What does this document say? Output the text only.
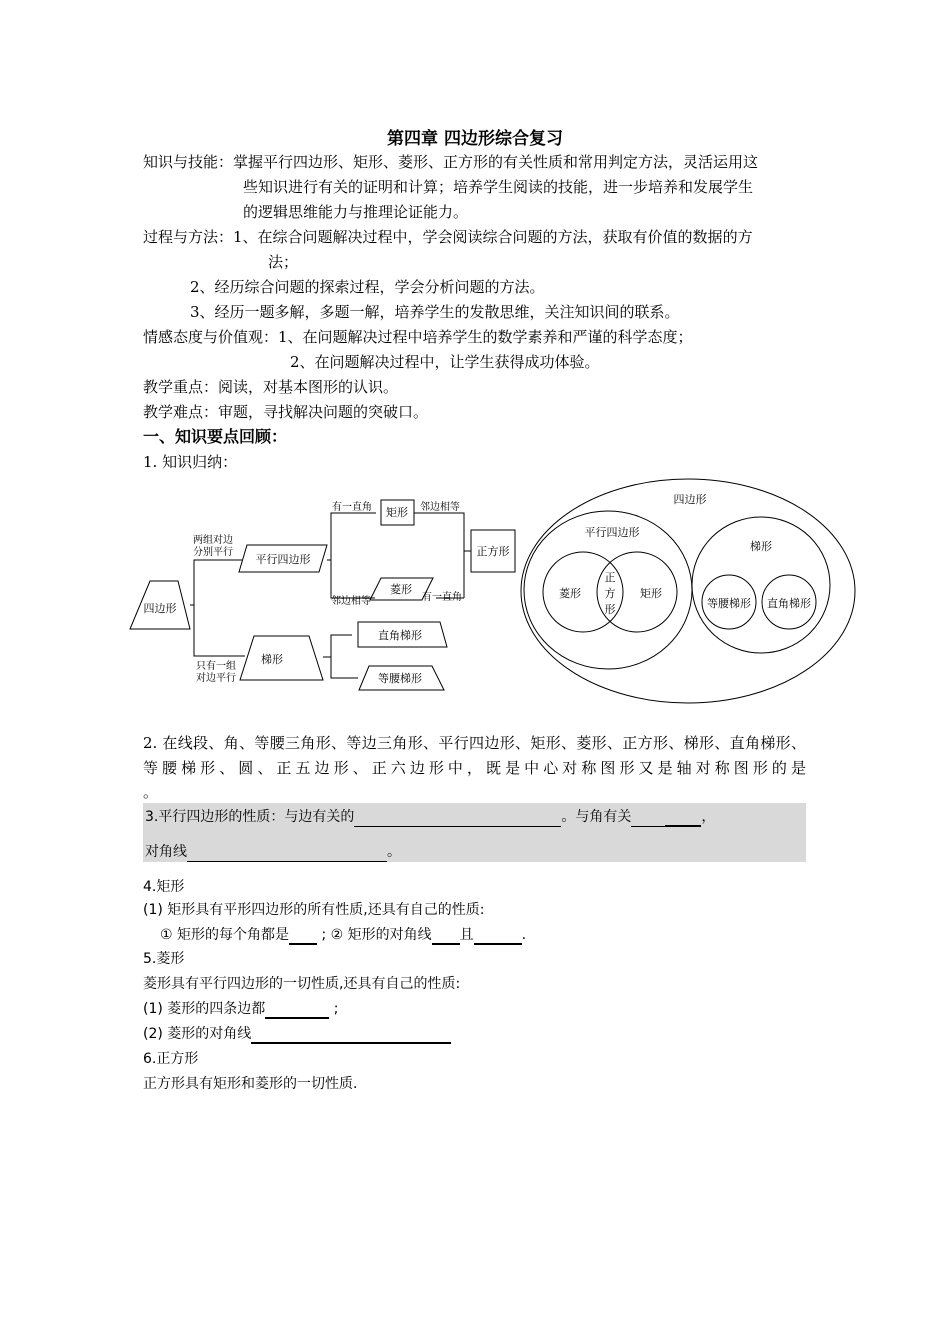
第四章 四边形综合复习
知识与技能：掌握平行四边形、矩形、菱形、正方形的有关性质和常用判定方法，灵活运用这
些知识进行有关的证明和计算；培养学生阅读的技能，进一步培养和发展学生
的逻辑思维能力与推理论证能力。
过程与方法：1、在综合问题解决过程中，学会阅读综合问题的方法，获取有价值的数据的方
法；
2、经历综合问题的探索过程，学会分析问题的方法。
3、经历一题多解，多题一解，培养学生的发散思维，关注知识间的联系。
情感态度与价值观：1、在问题解决过程中培养学生的数学素养和严谨的科学态度；
2、在问题解决过程中，让学生获得成功体验。
教学重点：阅读，对基本图形的认识。
教学难点：审题，寻找解决问题的突破口。
一、知识要点回顾：
1. 知识归纳：
四边形
两组对边
分别平行
平行四边形
只有一组
对边平行
梯形
有一直角 矩形 邻边相等
正方形
邻边相等
菱形
有一直角
直角梯形
等腰梯形
四边形
平行四边形
菱形
正
方
形
矩形
梯形
等腰梯形 直角梯形
2. 在线段、角、等腰三角形、等边三角形、平行四边形、矩形、菱形、正方形、梯形、直角梯形、
等腰梯形、圆、正五边形、正六边形中，既是中心对称图形又是轴对称图形的是
。
3.平行四边形的性质：与边有关的	。与角有关	，
对角线	。
4.矩形
(1) 矩形具有平形四边形的所有性质,还具有自己的性质:
① 矩形的每个角都是 ; ② 矩形的对角线 且	.
5.菱形
菱形具有平行四边形的一切性质,还具有自己的性质:
(1) 菱形的四条边都	;
(2) 菱形的对角线
6.正方形
正方形具有矩形和菱形的一切性质.
